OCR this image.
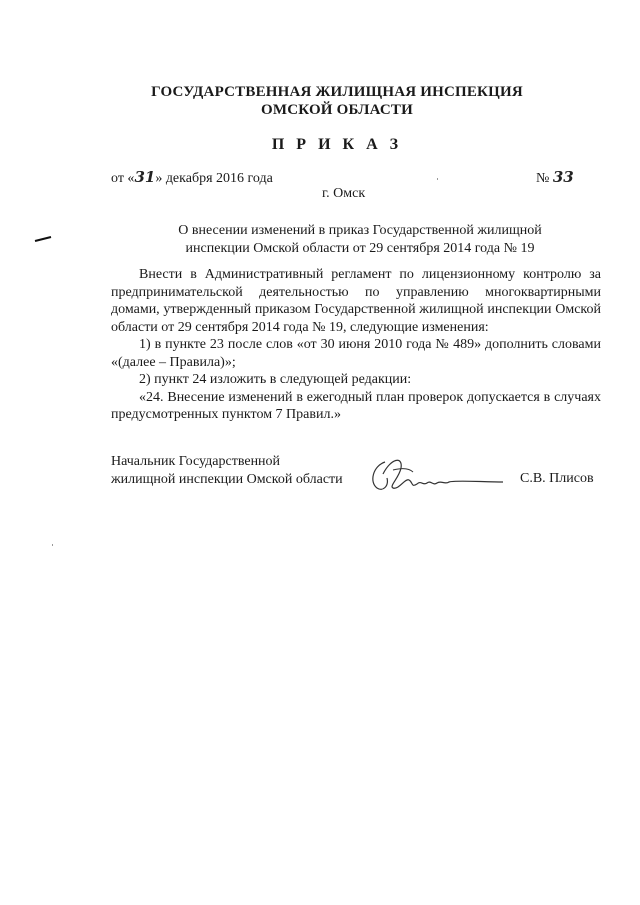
ГОСУДАРСТВЕННАЯ ЖИЛИЩНАЯ ИНСПЕКЦИЯ
ОМСКОЙ ОБЛАСТИ
П Р И К А З
от «31» декабря 2016 года	№ 33
г. Омск
О внесении изменений в приказ Государственной жилищной
инспекции Омской области от 29 сентября 2014 года № 19

Внести в Административный регламент по лицензионному контролю за предпринимательской деятельностью по управлению многоквартирными домами, утвержденный приказом Государственной жилищной инспекции Омской области от 29 сентября 2014 года № 19, следующие изменения:

1) в пункте 23 после слов «от 30 июня 2010 года № 489» дополнить словами «(далее – Правила)»;

2) пункт 24 изложить в следующей редакции:

«24. Внесение изменений в ежегодный план проверок допускается в случаях предусмотренных пунктом 7 Правил.»

Начальник Государственной
жилищной инспекции Омской области	С.В. Плисов
